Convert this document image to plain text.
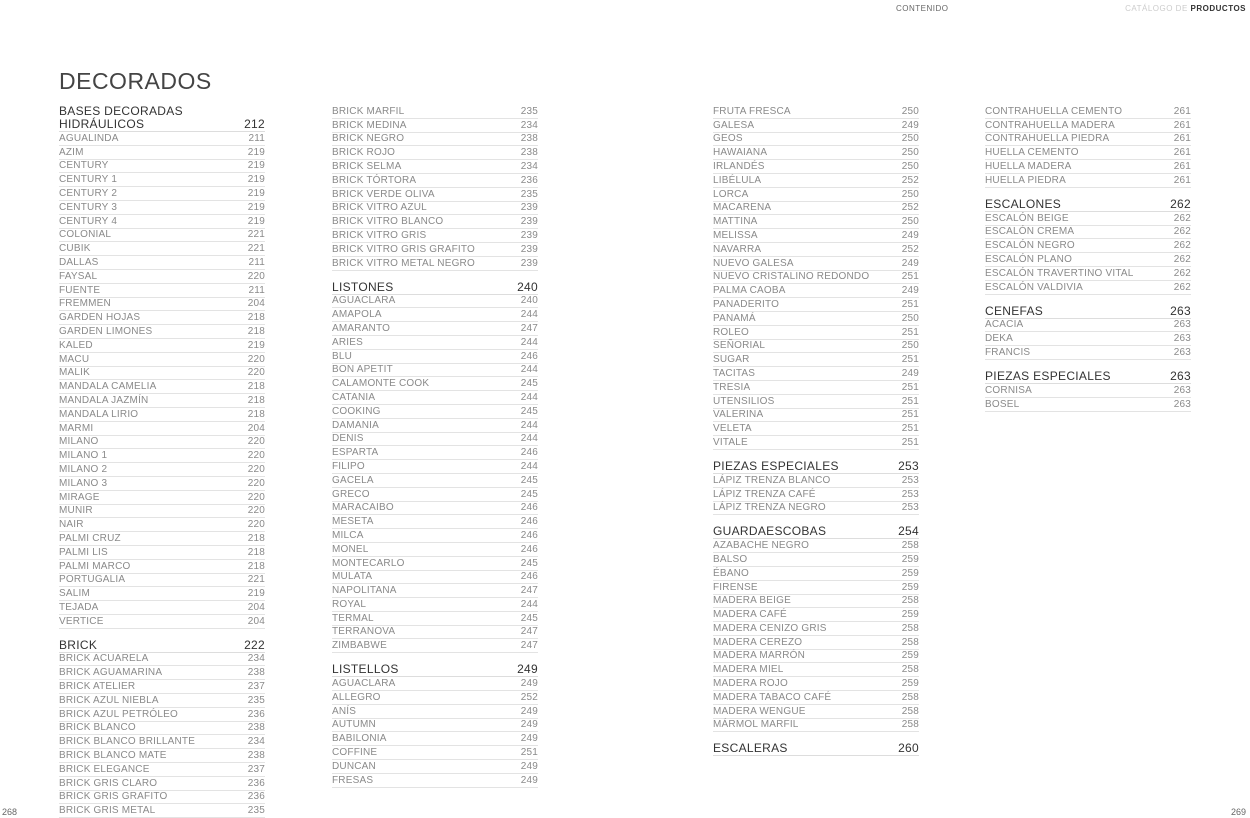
CONTENIDO	CATÁLOGO DE PRODUCTOS
DECORADOS
BASES DECORADAS
HIDRÁULICOS	212
AGUALINDA	211
AZIM	219
CENTURY	219
CENTURY 1	219
CENTURY 2	219
CENTURY 3	219
CENTURY 4	219
COLONIAL	221
CUBIK	221
DALLAS	211
FAYSAL	220
FUENTE	211
FREMMEN	204
GARDEN HOJAS	218
GARDEN LIMONES	218
KALED	219
MACU	220
MALIK	220
MANDALA CAMELIA	218
MANDALA JAZMÍN	218
MANDALA LIRIO	218
MARMI	204
MILANO	220
MILANO 1	220
MILANO 2	220
MILANO 3	220
MIRAGE	220
MUNIR	220
NAIR	220
PALMI CRUZ	218
PALMI LIS	218
PALMI MARCO	218
PORTUGALIA	221
SALIM	219
TEJADA	204
VERTICE	204
BRICK	222
BRICK ACUARELA	234
BRICK AGUAMARINA	238
BRICK ATELIER	237
BRICK AZUL NIEBLA	235
BRICK AZUL PETRÓLEO	236
BRICK BLANCO	238
BRICK BLANCO BRILLANTE	234
BRICK BLANCO MATE	238
BRICK ELEGANCE	237
BRICK GRIS CLARO	236
BRICK GRIS GRAFITO	236
BRICK GRIS METAL	235
BRICK MARFIL	235
BRICK MEDINA	234
BRICK NEGRO	238
BRICK ROJO	238
BRICK SELMA	234
BRICK TÓRTORA	236
BRICK VERDE OLIVA	235
BRICK VITRO AZUL	239
BRICK VITRO BLANCO	239
BRICK VITRO GRIS	239
BRICK VITRO GRIS GRAFITO	239
BRICK VITRO METAL NEGRO	239
LISTONES	240
AGUACLARA	240
AMAPOLA	244
AMARANTO	247
ARIES	244
BLU	246
BON APETIT	244
CALAMONTE COOK	245
CATANIA	244
COOKING	245
DAMANIA	244
DENIS	244
ESPARTA	246
FILIPO	244
GACELA	245
GRECO	245
MARACAIBO	246
MESETA	246
MILCA	246
MONEL	246
MONTECARLO	245
MULATA	246
NAPOLITANA	247
ROYAL	244
TERMAL	245
TERRANOVA	247
ZIMBABWE	247
LISTELLOS	249
AGUACLARA	249
ALLEGRO	252
ANÍS	249
AUTUMN	249
BABILONIA	249
COFFINE	251
DUNCAN	249
FRESAS	249
FRUTA FRESCA	250
GALESA	249
GEOS	250
HAWAIANA	250
IRLANDÉS	250
LIBÉLULA	252
LORCA	250
MACARENA	252
MATTINA	250
MELISSA	249
NAVARRA	252
NUEVO GALESA	249
NUEVO CRISTALINO REDONDO	251
PALMA CAOBA	249
PANADERITO	251
PANAMÁ	250
ROLEO	251
SEÑORIAL	250
SUGAR	251
TACITAS	249
TRESIA	251
UTENSILIOS	251
VALERINA	251
VELETA	251
VITALE	251
PIEZAS ESPECIALES	253
LÁPIZ TRENZA BLANCO	253
LÁPIZ TRENZA CAFÉ	253
LÁPIZ TRENZA NEGRO	253
GUARDAESCOBAS	254
AZABACHE NEGRO	258
BALSO	259
ÉBANO	259
FIRENSE	259
MADERA BEIGE	258
MADERA CAFÉ	259
MADERA CENIZO GRIS	258
MADERA CEREZO	258
MADERA MARRÓN	259
MADERA MIEL	258
MADERA ROJO	259
MADERA TABACO CAFÉ	258
MADERA WENGUE	258
MÁRMOL MARFIL	258
ESCALERAS	260
CONTRAHUELLA CEMENTO	261
CONTRAHUELLA MADERA	261
CONTRAHUELLA PIEDRA	261
HUELLA CEMENTO	261
HUELLA MADERA	261
HUELLA PIEDRA	261
ESCALONES	262
ESCALÓN BEIGE	262
ESCALÓN CREMA	262
ESCALÓN NEGRO	262
ESCALÓN PLANO	262
ESCALÓN TRAVERTINO VITAL	262
ESCALÓN VALDIVIA	262
CENEFAS	263
ACACIA	263
DEKA	263
FRANCIS	263
PIEZAS ESPECIALES	263
CORNISA	263
BOSEL	263
268	269
